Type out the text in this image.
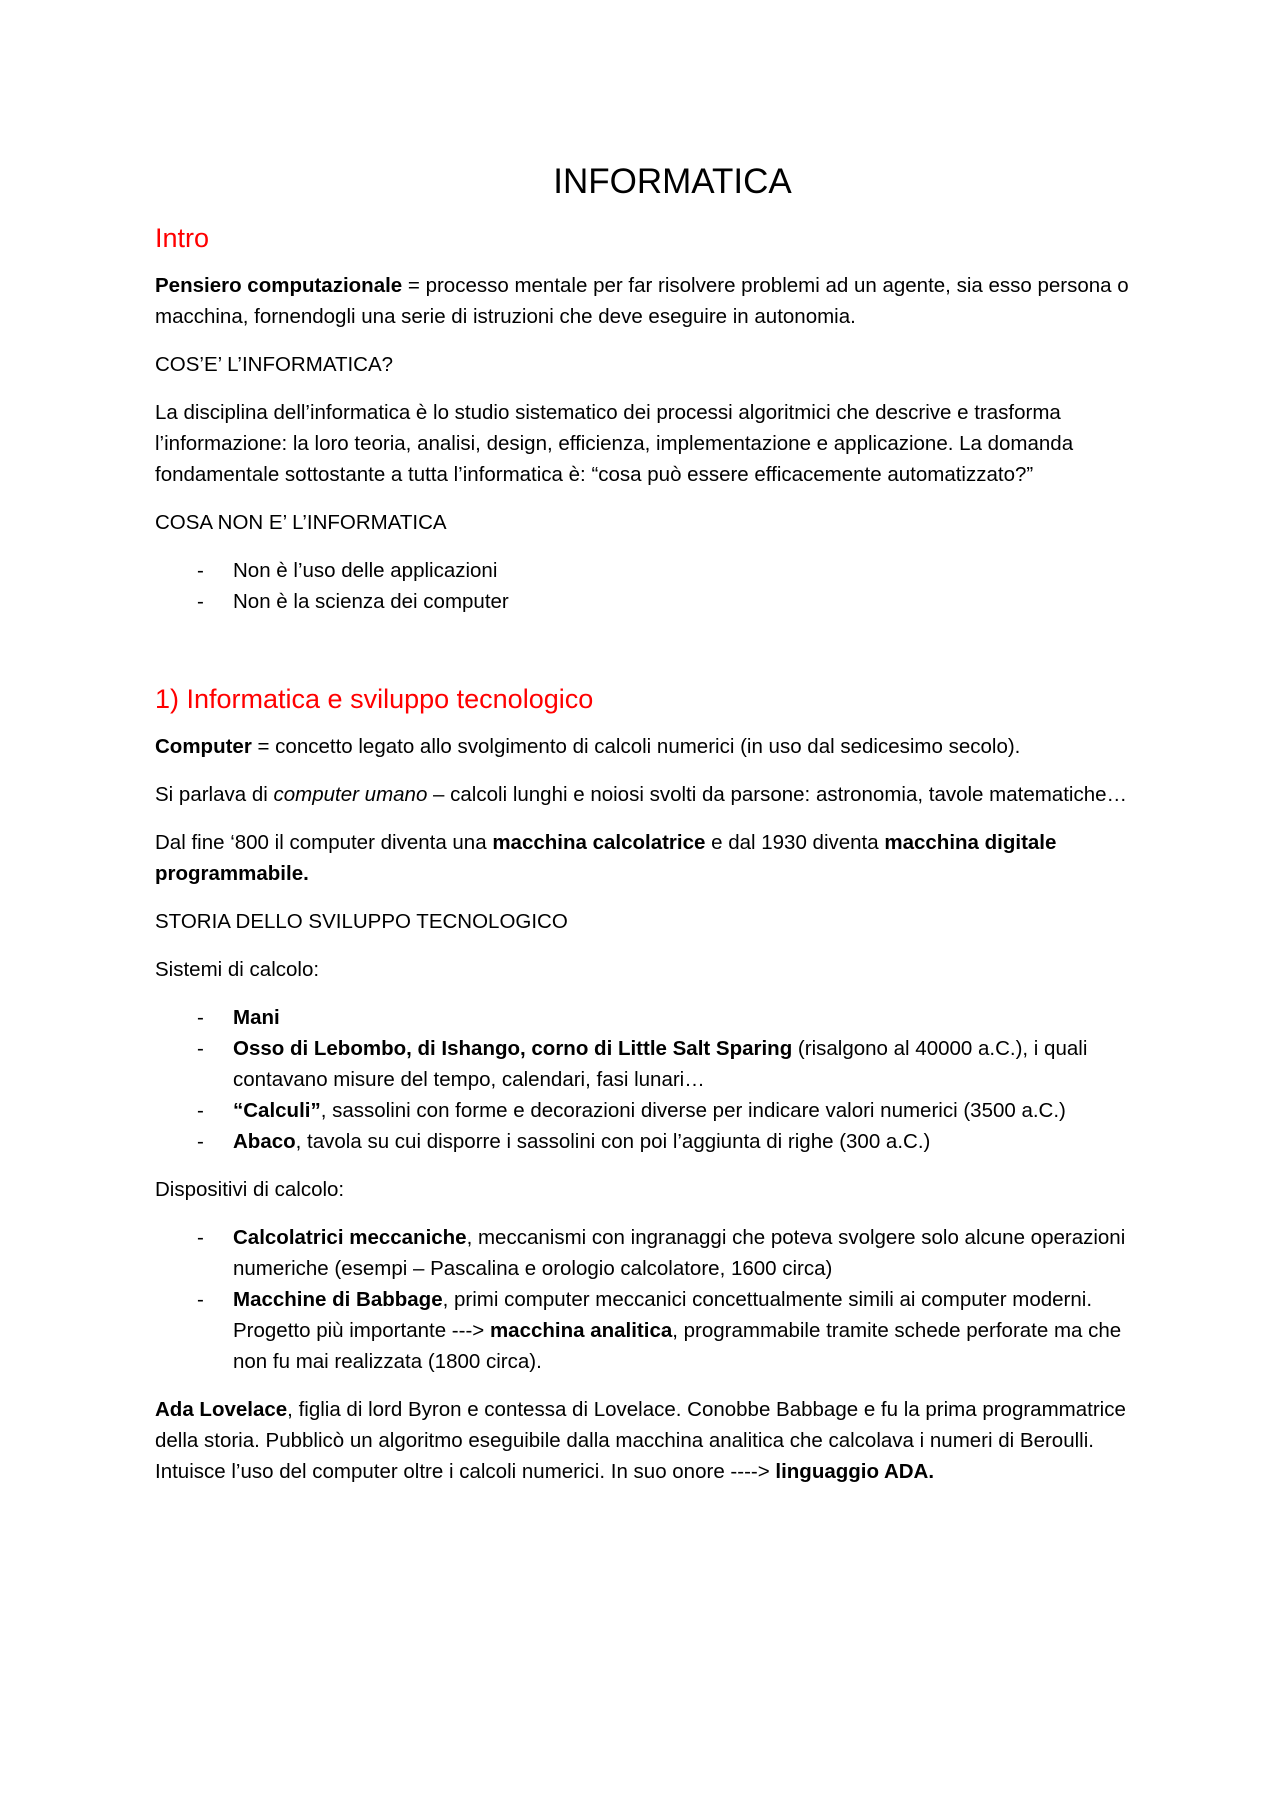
INFORMATICA
Intro

Pensiero computazionale = processo mentale per far risolvere problemi ad un agente, sia esso persona o macchina, fornendogli una serie di istruzioni che deve eseguire in autonomia.

COS’E’ L’INFORMATICA?

La disciplina dell’informatica è lo studio sistematico dei processi algoritmici che descrive e trasforma l’informazione: la loro teoria, analisi, design, efficienza, implementazione e applicazione. La domanda fondamentale sottostante a tutta l’informatica è: “cosa può essere efficacemente automatizzato?”

COSA NON E’ L’INFORMATICA

- Non è l’uso delle applicazioni
- Non è la scienza dei computer
1) Informatica e sviluppo tecnologico

Computer = concetto legato allo svolgimento di calcoli numerici (in uso dal sedicesimo secolo).

Si parlava di computer umano – calcoli lunghi e noiosi svolti da parsone: astronomia, tavole matematiche…

Dal fine ‘800 il computer diventa una macchina calcolatrice e dal 1930 diventa macchina digitale programmabile.

STORIA DELLO SVILUPPO TECNOLOGICO

Sistemi di calcolo:

- Mani
- Osso di Lebombo, di Ishango, corno di Little Salt Sparing (risalgono al 40000 a.C.), i quali contavano misure del tempo, calendari, fasi lunari…
- “Calculi”, sassolini con forme e decorazioni diverse per indicare valori numerici (3500 a.C.)
- Abaco, tavola su cui disporre i sassolini con poi l’aggiunta di righe (300 a.C.)

Dispositivi di calcolo:

- Calcolatrici meccaniche, meccanismi con ingranaggi che poteva svolgere solo alcune operazioni numeriche (esempi – Pascalina e orologio calcolatore, 1600 circa)
- Macchine di Babbage, primi computer meccanici concettualmente simili ai computer moderni. Progetto più importante ---> macchina analitica, programmabile tramite schede perforate ma che non fu mai realizzata (1800 circa).

Ada Lovelace, figlia di lord Byron e contessa di Lovelace. Conobbe Babbage e fu la prima programmatrice della storia. Pubblicò un algoritmo eseguibile dalla macchina analitica che calcolava i numeri di Beroulli. Intuisce l’uso del computer oltre i calcoli numerici. In suo onore ----> linguaggio ADA.
